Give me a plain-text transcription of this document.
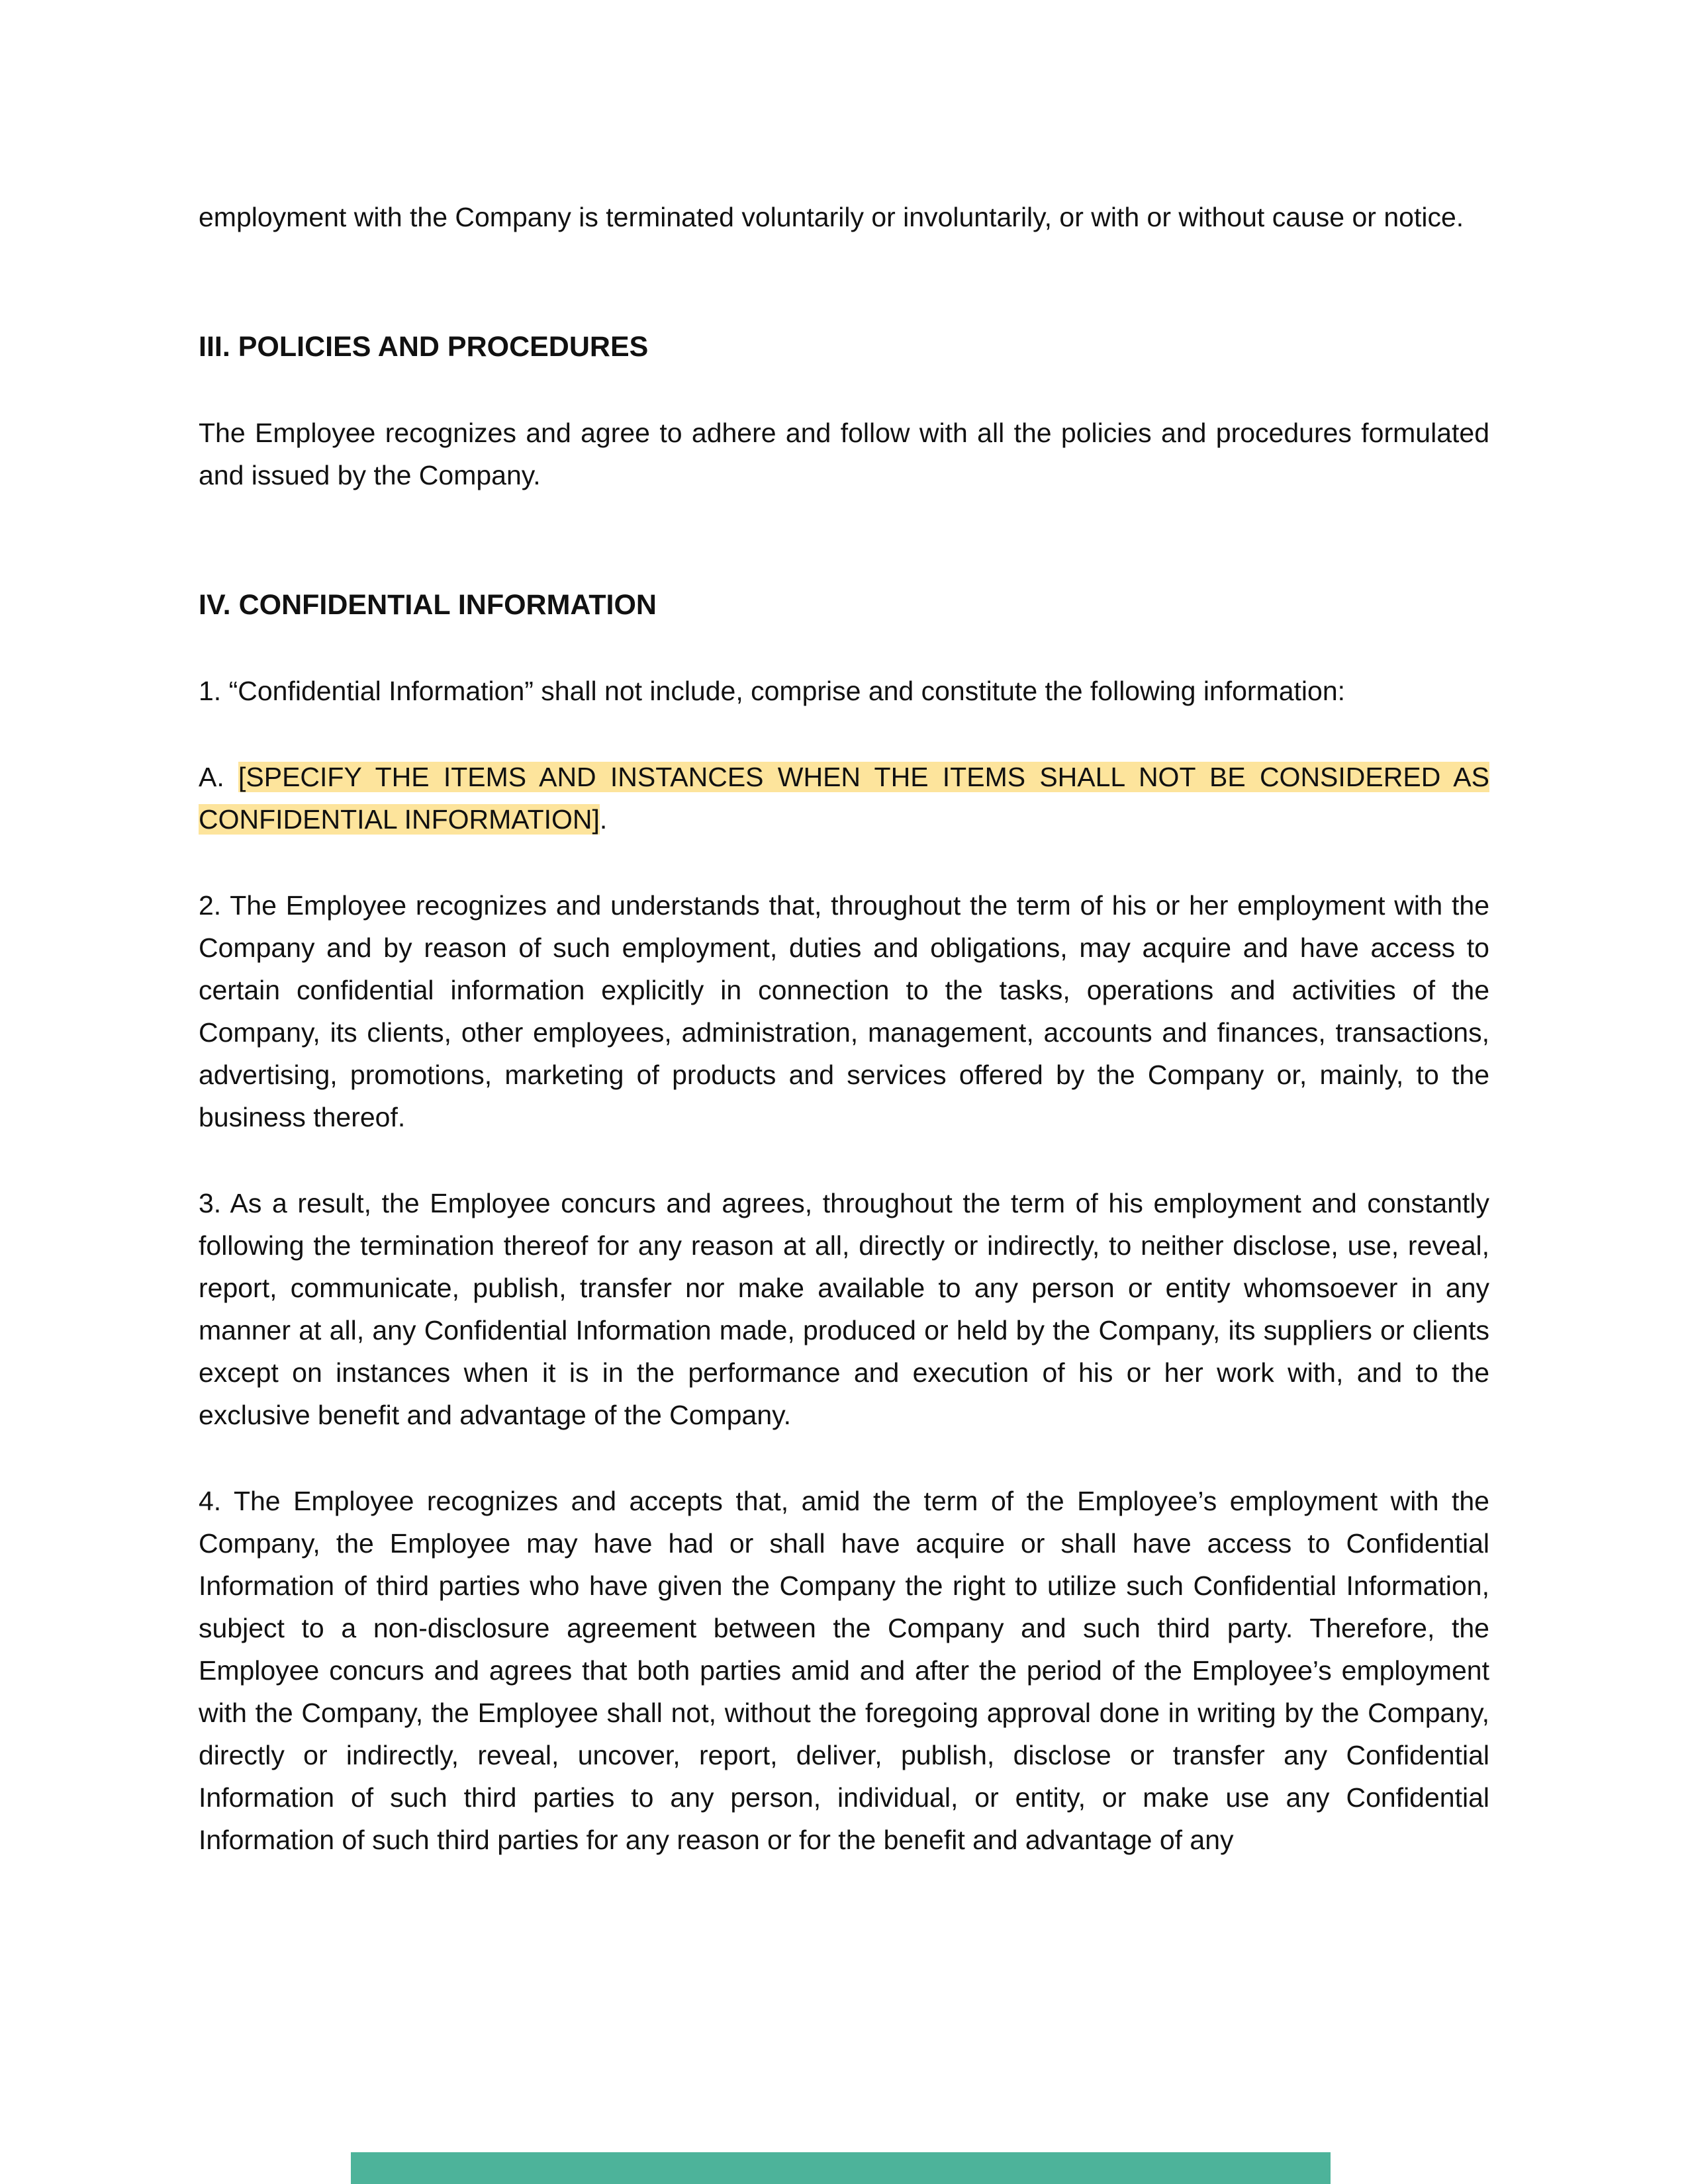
employment with the Company is terminated voluntarily or involuntarily, or with or without cause or notice.

III. POLICIES AND PROCEDURES

The Employee recognizes and agree to adhere and follow with all the policies and procedures formulated and issued by the Company.

IV. CONFIDENTIAL INFORMATION

1. “Confidential Information” shall not include, comprise and constitute the following information:

A. [SPECIFY THE ITEMS AND INSTANCES WHEN THE ITEMS SHALL NOT BE CONSIDERED AS CONFIDENTIAL INFORMATION].

2. The Employee recognizes and understands that, throughout the term of his or her employment with the Company and by reason of such employment, duties and obligations, may acquire and have access to certain confidential information explicitly in connection to the tasks, operations and activities of the Company, its clients, other employees, administration, management, accounts and finances, transactions, advertising, promotions, marketing of products and services offered by the Company or, mainly, to the business thereof.

3. As a result, the Employee concurs and agrees, throughout the term of his employment and constantly following the termination thereof for any reason at all, directly or indirectly, to neither disclose, use, reveal, report, communicate, publish, transfer nor make available to any person or entity whomsoever in any manner at all, any Confidential Information made, produced or held by the Company, its suppliers or clients except on instances when it is in the performance and execution of his or her work with, and to the exclusive benefit and advantage of the Company.

4. The Employee recognizes and accepts that, amid the term of the Employee’s employment with the Company, the Employee may have had or shall have acquire or shall have access to Confidential Information of third parties who have given the Company the right to utilize such Confidential Information, subject to a non-disclosure agreement between the Company and such third party. Therefore, the Employee concurs and agrees that both parties amid and after the period of the Employee’s employment with the Company, the Employee shall not, without the foregoing approval done in writing by the Company, directly or indirectly, reveal, uncover, report, deliver, publish, disclose or transfer any Confidential Information of such third parties to any person, individual, or entity, or make use any Confidential Information of such third parties for any reason or for the benefit and advantage of any
